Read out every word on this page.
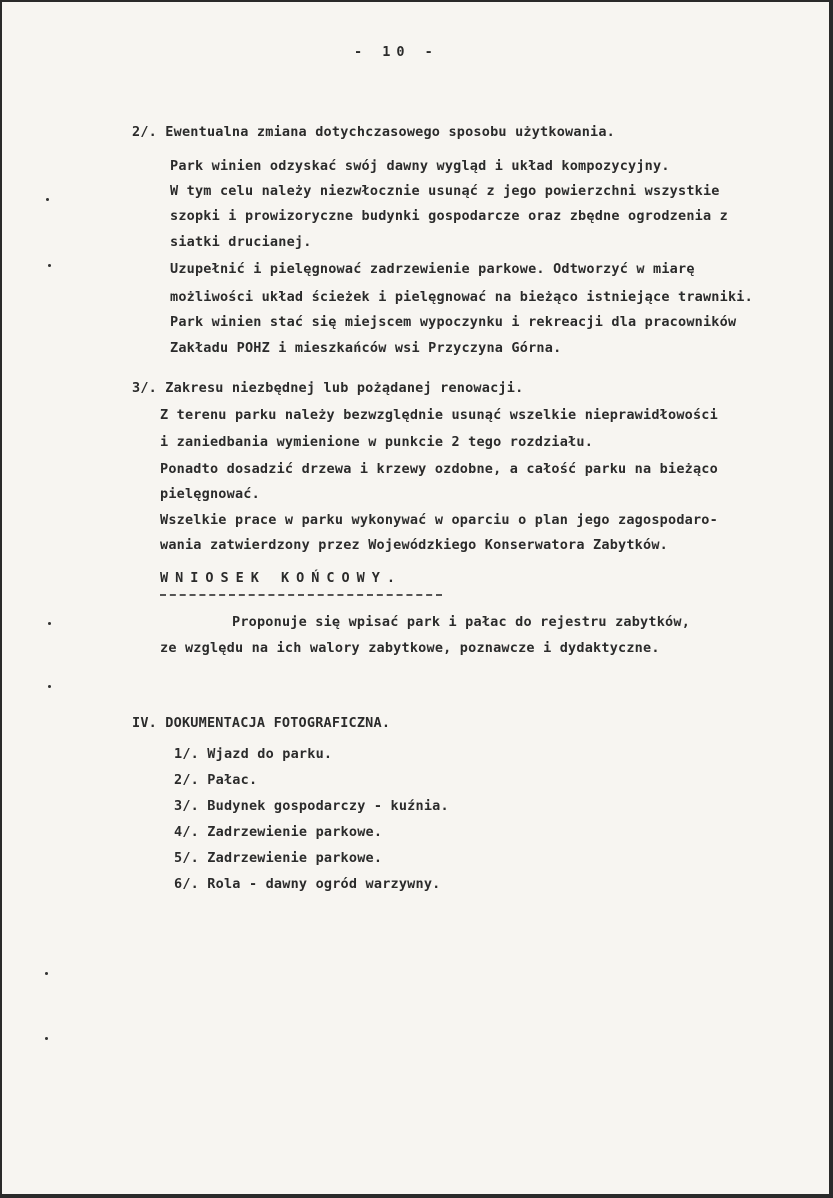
- 10 -
2/. Ewentualna zmiana dotychczasowego sposobu użytkowania.
Park winien odzyskać swój dawny wygląd i układ kompozycyjny.
W tym celu należy niezwłocznie usunąć z jego powierzchni wszystkie
szopki i prowizoryczne budynki gospodarcze oraz zbędne ogrodzenia z
siatki drucianej.
Uzupełnić i pielęgnować zadrzewienie parkowe. Odtworzyć w miarę
możliwości układ ścieżek i pielęgnować na bieżąco istniejące trawniki.
Park winien stać się miejscem wypoczynku i rekreacji dla pracowników
Zakładu POHZ i mieszkańców wsi Przyczyna Górna.
3/. Zakresu niezbędnej lub pożądanej renowacji.
Z terenu parku należy bezwzględnie usunąć wszelkie nieprawidłowości
i zaniedbania wymienione w punkcie 2 tego rozdziału.
Ponadto dosadzić drzewa i krzewy ozdobne, a całość parku na bieżąco
pielęgnować.
Wszelkie prace w parku wykonywać w oparciu o plan jego zagospodaro-
wania zatwierdzony przez Wojewódzkiego Konserwatora Zabytków.
WNIOSEK KOŃCOWY.
Proponuje się wpisać park i pałac do rejestru zabytków,
ze względu na ich walory zabytkowe, poznawcze i dydaktyczne.
IV. DOKUMENTACJA FOTOGRAFICZNA.
1/. Wjazd do parku.
2/. Pałac.
3/. Budynek gospodarczy - kuźnia.
4/. Zadrzewienie parkowe.
5/. Zadrzewienie parkowe.
6/. Rola - dawny ogród warzywny.
